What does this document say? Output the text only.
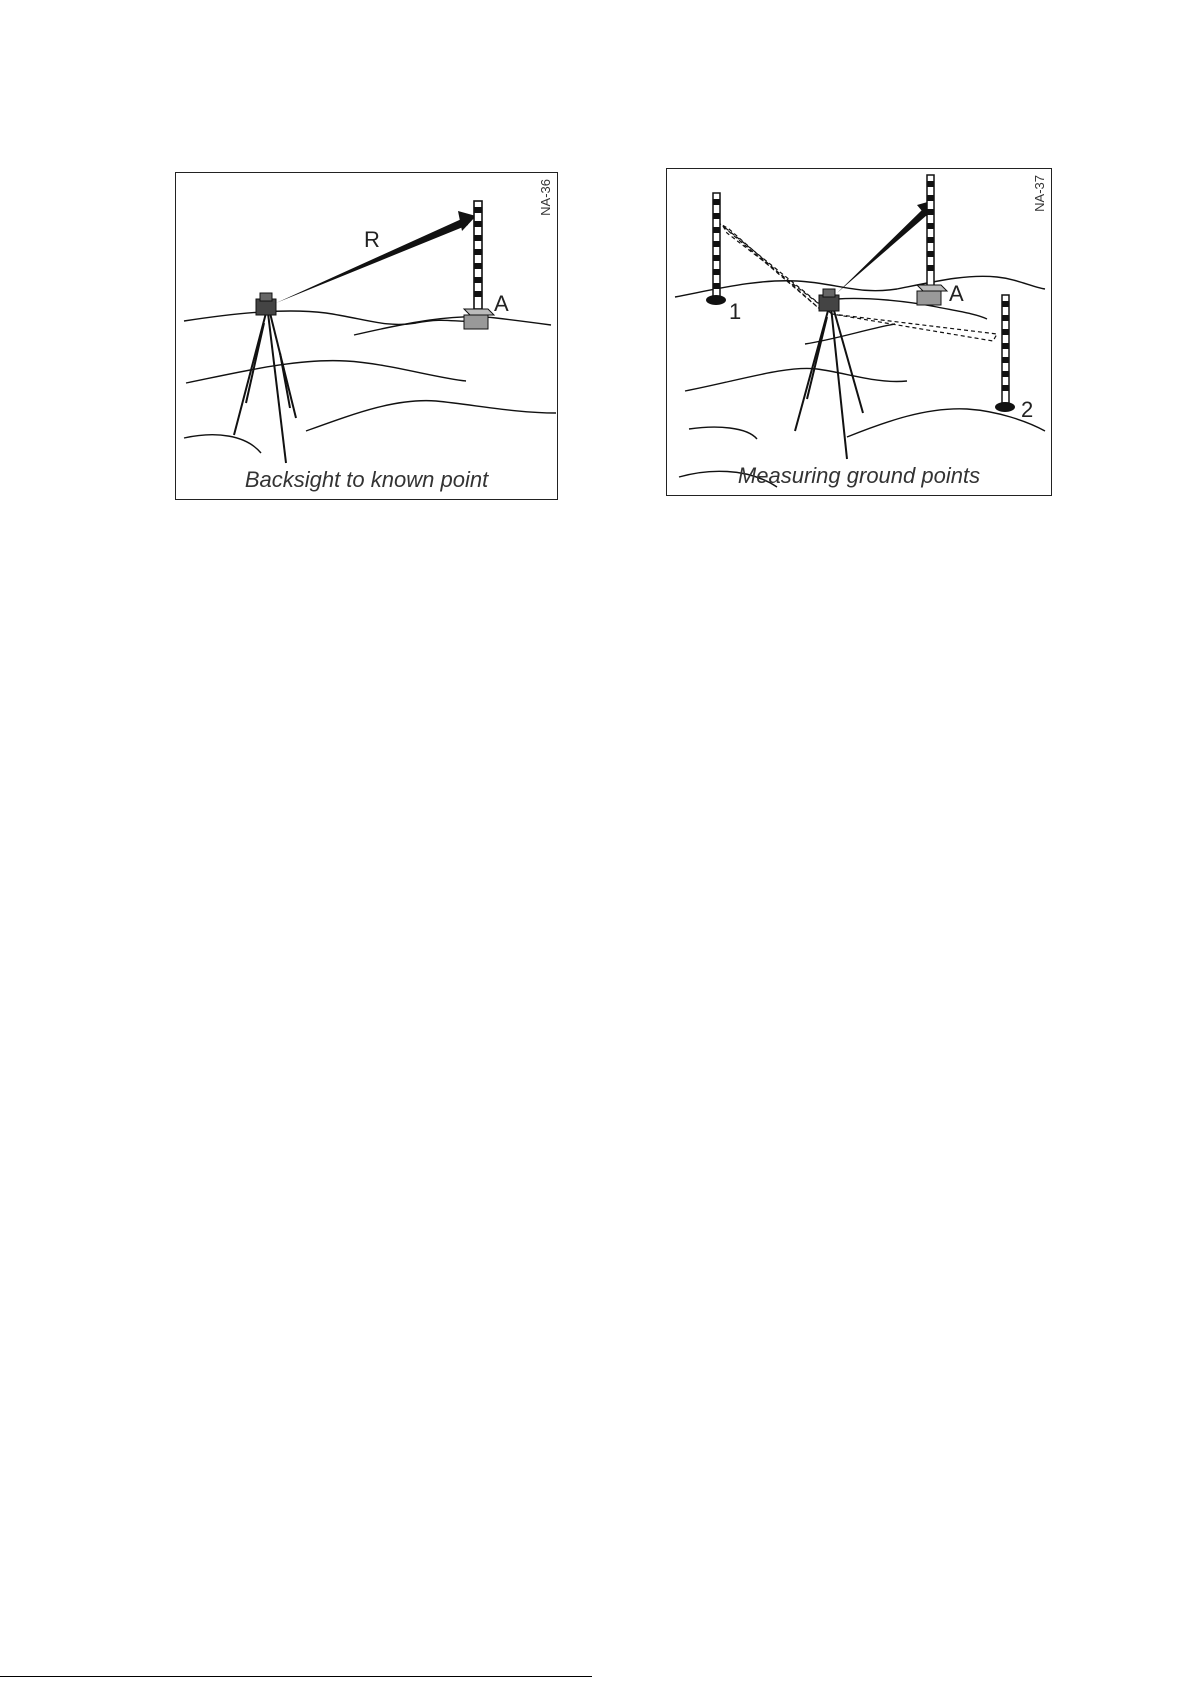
R
A
NA-36
Backsight to known point
A
1
2
NA-37
Measuring ground points
